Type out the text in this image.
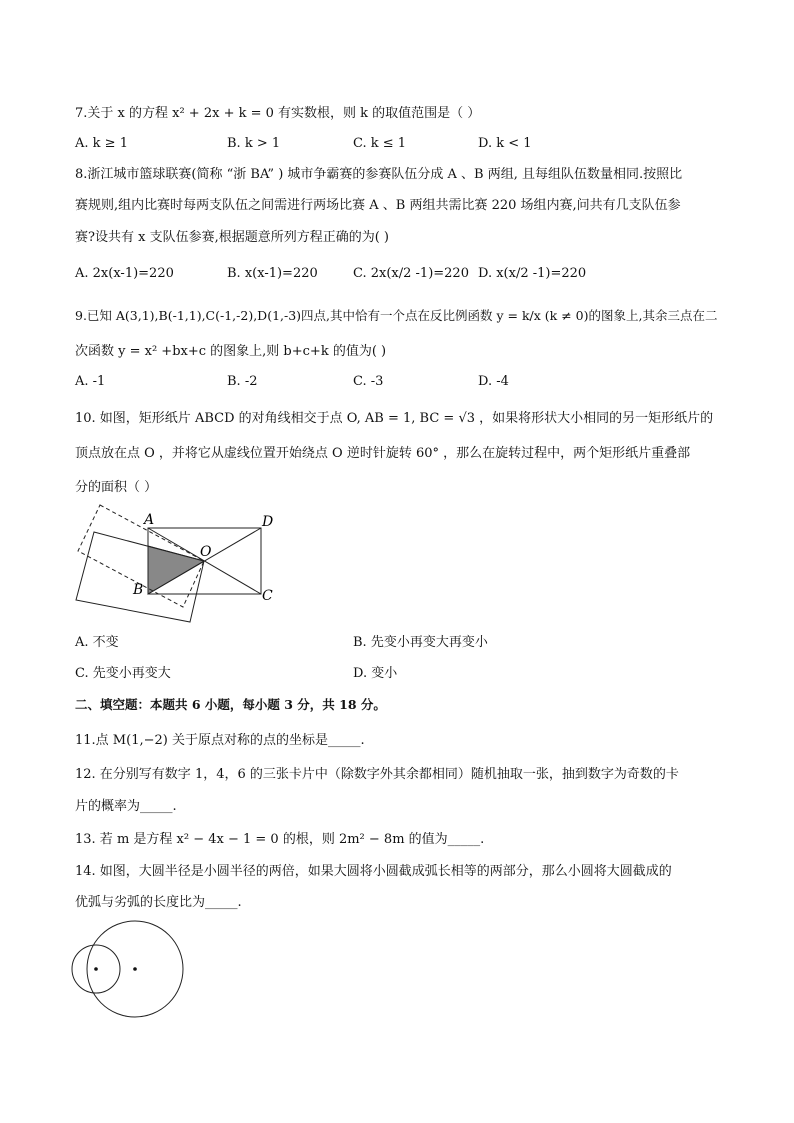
7.关于 x 的方程 x² + 2x + k = 0 有实数根，则 k 的取值范围是（ ）
A. k ≥ 1	B. k > 1	C. k ≤ 1	D. k < 1
8.浙江城市篮球联赛(简称 “浙 BA” ) 城市争霸赛的参赛队伍分成 A 、B 两组, 且每组队伍数量相同.按照比
赛规则,组内比赛时每两支队伍之间需进行两场比赛 A 、B 两组共需比赛 220 场组内赛,问共有几支队伍参
赛?设共有 x 支队伍参赛,根据题意所列方程正确的为( )
A. 2x(x-1)=220	B. x(x-1)=220	C. 2x(x/2 -1)=220 D. x(x/2 -1)=220
9.已知 A(3,1),B(-1,1),C(-1,-2),D(1,-3)四点,其中恰有一个点在反比例函数 y = k/x (k ≠ 0)的图象上,其余三点在二
次函数 y = x² +bx+c 的图象上,则 b+c+k 的值为( )
A. -1	B. -2	C. -3	D. -4
10. 如图，矩形纸片 ABCD 的对角线相交于点 O, AB = 1, BC = √3 ，如果将形状大小相同的另一矩形纸片的
顶点放在点 O ，并将它从虚线位置开始绕点 O 逆时针旋转 60° ，那么在旋转过程中，两个矩形纸片重叠部
分的面积（ ）
A	D
O
B	C
A. 不变	B. 先变小再变大再变小
C. 先变小再变大	D. 变小
二、填空题：本题共 6 小题，每小题 3 分，共 18 分。
11.点 M(1,−2) 关于原点对称的点的坐标是_____.
12. 在分别写有数字 1，4，6 的三张卡片中（除数字外其余都相同）随机抽取一张，抽到数字为奇数的卡
片的概率为_____.
13. 若 m 是方程 x² − 4x − 1 = 0 的根，则 2m² − 8m 的值为_____.
14. 如图，大圆半径是小圆半径的两倍，如果大圆将小圆截成弧长相等的两部分，那么小圆将大圆截成的
优弧与劣弧的长度比为_____.
